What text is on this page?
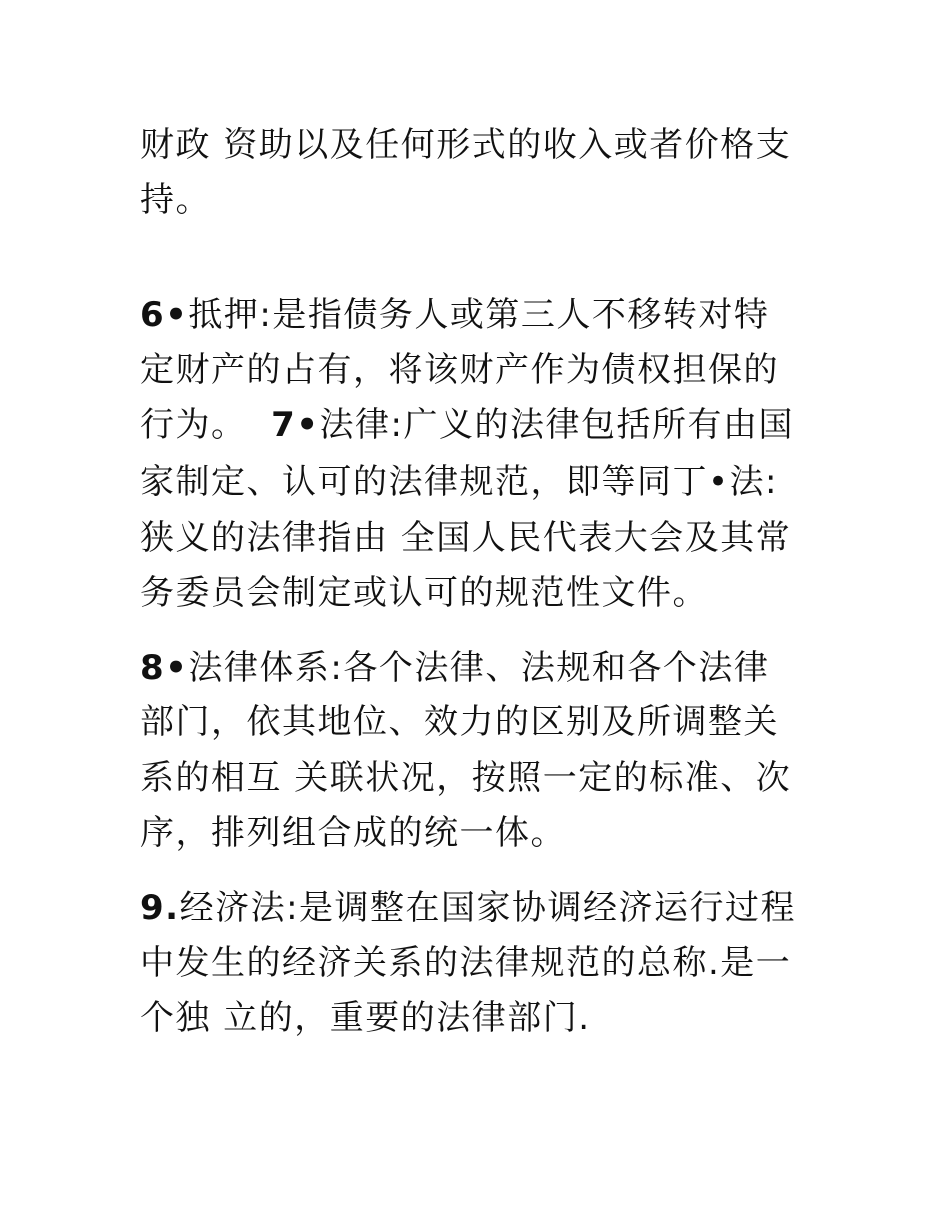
财政 资助以及任何形式的收入或者价格支
持。
6•抵押:是指债务人或第三人不移转对特
定财产的占有，将该财产作为债权担保的
行为。  7•法律:广义的法律包括所有由国
家制定、认可的法律规范，即等同丁•法:
狭义的法律指由 全国人民代表大会及其常
务委员会制定或认可的规范性文件。
8•法律体系:各个法律、法规和各个法律
部门，依其地位、效力的区别及所调整关
系的相互 关联状况，按照一定的标准、次
序，排列组合成的统一体。
9.经济法:是调整在国家协调经济运行过程
中发生的经济关系的法律规范的总称.是一
个独 立的，重要的法律部门.
